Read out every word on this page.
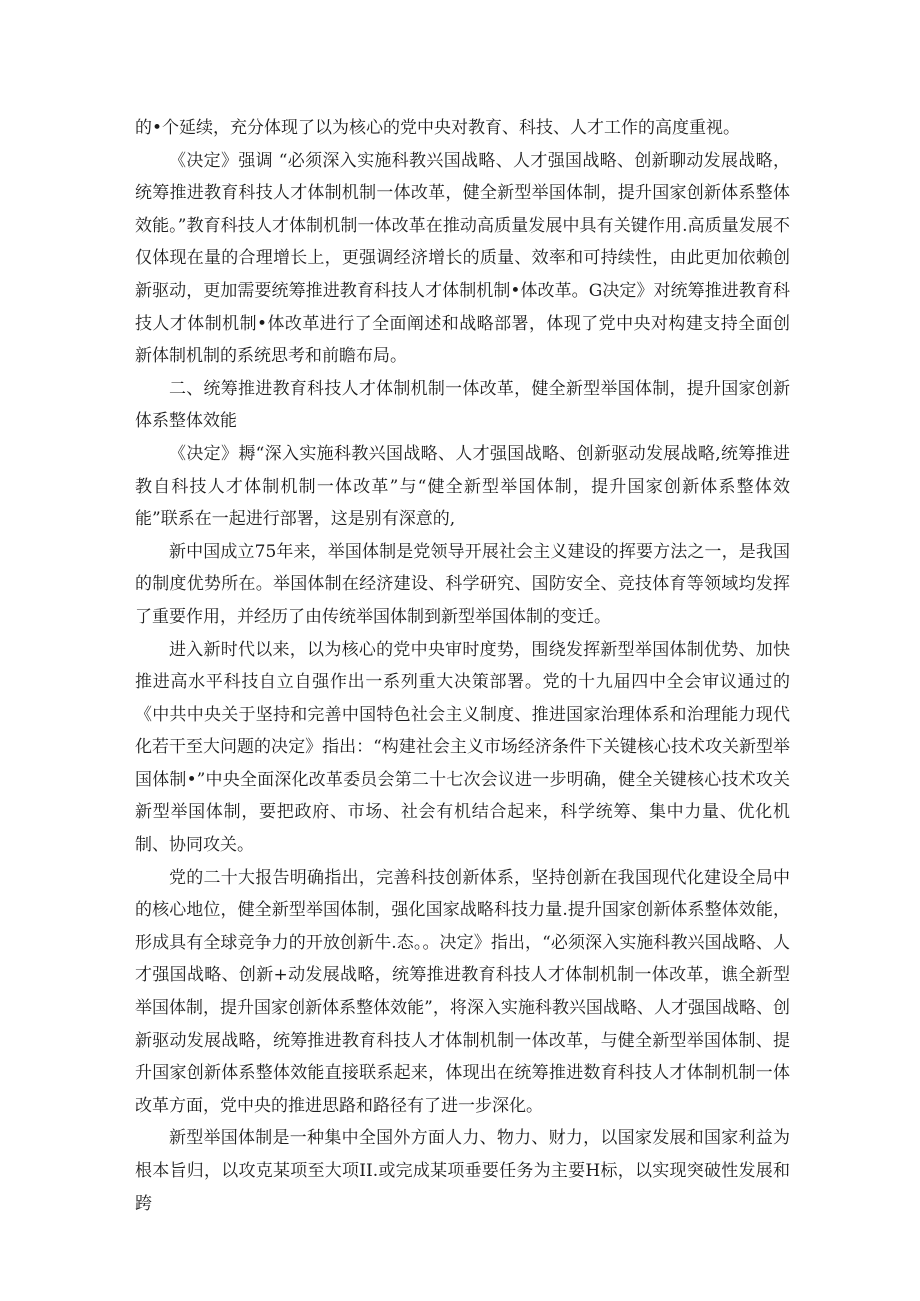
的•个延续，充分体现了以为核心的党中央对教育、科技、人才工作的高度重视。

《决定》强调 “必须深入实施科教兴国战略、人才强国战略、创新聊动发展战略，统筹推进教育科技人才体制机制一体改革，健全新型举国体制，提升国家创新体系整体效能。”教育科技人才体制机制一体改革在推动高质量发展中具有关键作用.高质量发展不仅体现在量的合理增长上，更强调经济增长的质量、效率和可持续性，由此更加依赖创新驱动，更加需要统筹推进教育科技人才体制机制•体改革。G决定》对统筹推进教育科技人才体制机制•体改革进行了全面阐述和战略部署，体现了党中央对构建支持全面创新体制机制的系统思考和前瞻布局。

二、统筹推进教育科技人才体制机制一体改革，健全新型举国体制，提升国家创新体系整体效能

《决定》耨“深入实施科教兴国战略、人才强国战略、创新驱动发展战略,统筹推进教自科技人才体制机制一体改革”与“健全新型举国体制，提升国家创新体系整体效能”联系在一起进行部署，这是别有深意的,

新中国成立75年来，举国体制是党领导开展社会主义建设的挥要方法之一，是我国的制度优势所在。举国体制在经济建设、科学研究、国防安全、竞技体育等领域均发挥了重要作用，并经历了由传统举国体制到新型举国体制的变迁。

进入新时代以来，以为核心的党中央审时度势，围绕发挥新型举国体制优势、加快推进高水平科技自立自强作出一系列重大决策部署。党的十九届四中全会审议通过的《中共中央关于坚持和完善中国特色社会主义制度、推进国家治理体系和治理能力现代化若干至大问题的决定》指出：“构建社会主义市场经济条件下关键核心技术攻关新型举国体制•”中央全面深化改革委员会第二十七次会议进一步明确，健全关键核心技术攻关新型举国体制，要把政府、市场、社会有机结合起来，科学统筹、集中力量、优化机制、协同攻关。

党的二十大报告明确指出，完善科技创新体系，坚持创新在我国现代化建设全局中的核心地位，健全新型举国体制，强化国家战略科技力量.提升国家创新体系整体效能，形成具有全球竞争力的开放创新牛.态。。决定》指出，“必须深入实施科教兴国战略、人才强国战略、创新+动发展战略，统筹推进教育科技人才体制机制一体改革，谯全新型举国体制，提升国家创新体系整体效能”，将深入实施科教兴国战略、人才强国战略、创新驱动发展战略，统筹推进教育科技人才体制机制一体改革，与健全新型举国体制、提升国家创新体系整体效能直接联系起来，体现出在统筹推进数育科技人才体制机制一体改革方面，党中央的推进思路和路径有了进一步深化。

新型举国体制是一种集中全国外方面人力、物力、财力，以国家发展和国家利益为根本旨归，以攻克某项至大项II.或完成某项垂要任务为主要H标，以实现突破性发展和跨
